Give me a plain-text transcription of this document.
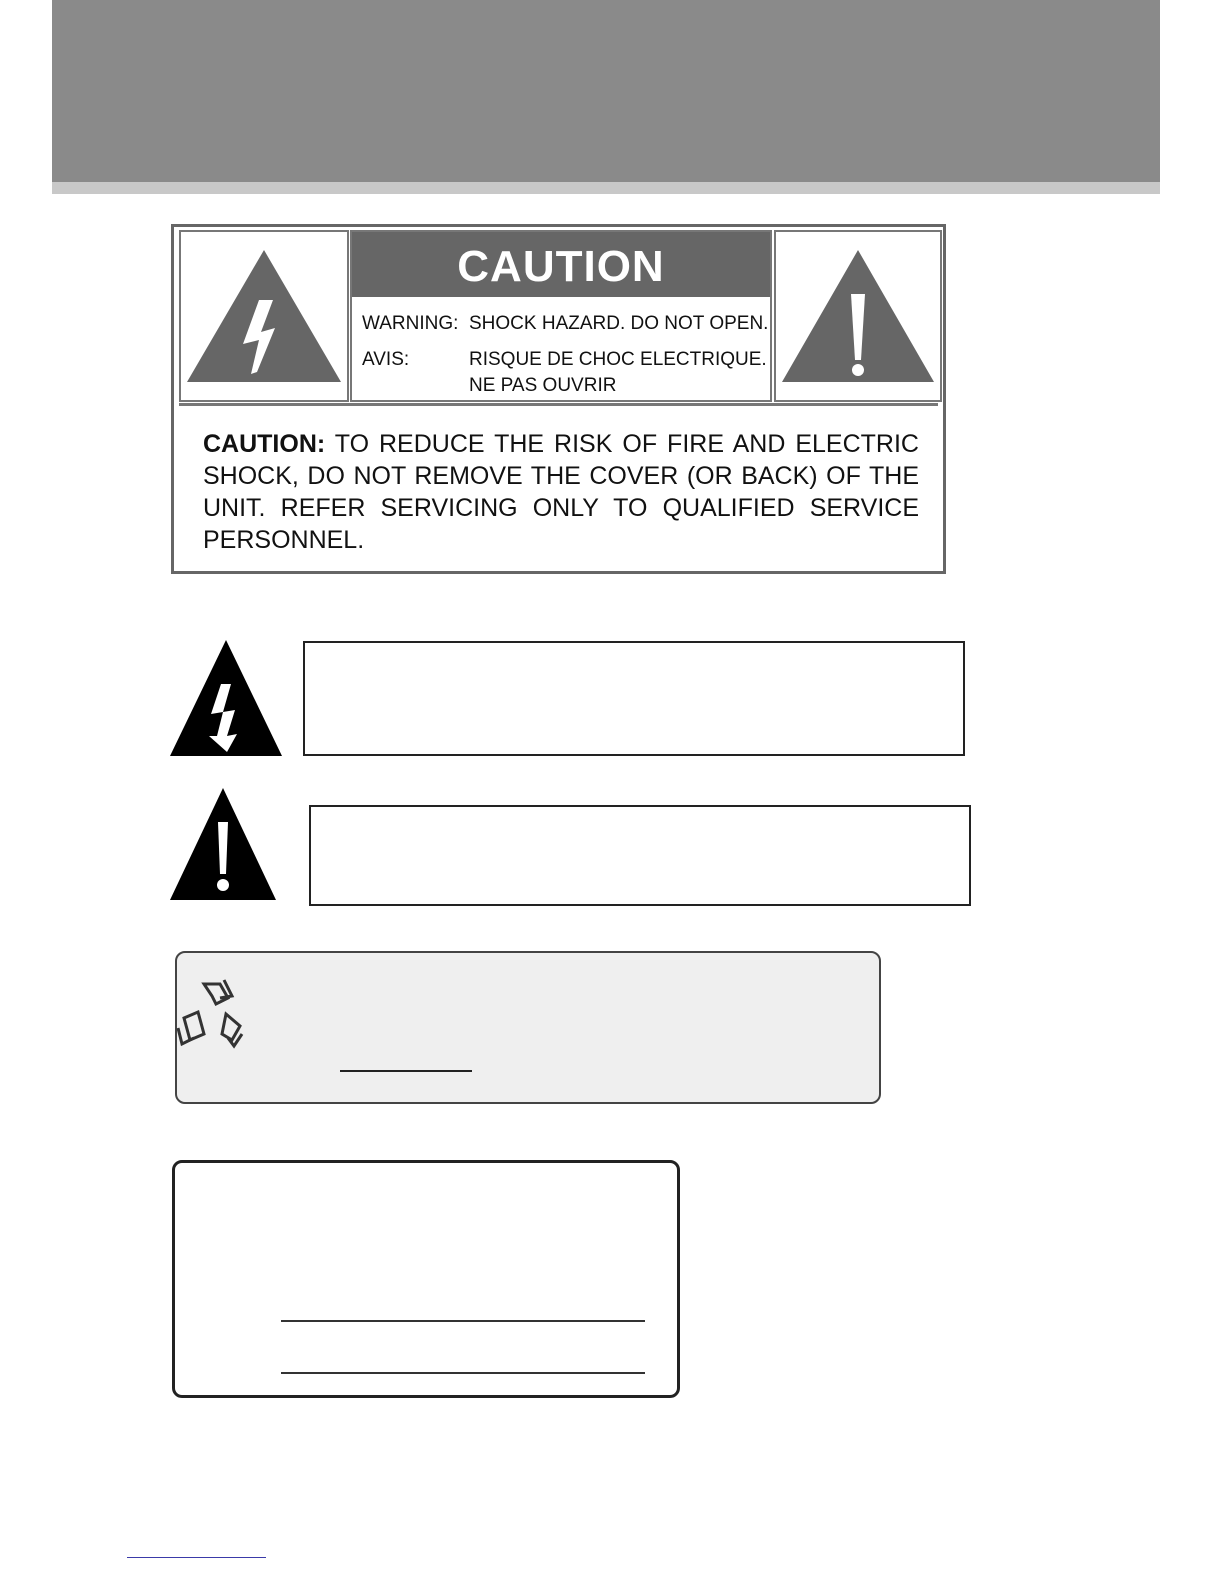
CAUTION
WARNING: SHOCK HAZARD. DO NOT OPEN.
AVIS:	RISQUE DE CHOC ELECTRIQUE.
NE PAS OUVRIR
CAUTION: TO REDUCE THE RISK OF FIRE AND ELECTRIC SHOCK, DO NOT REMOVE THE COVER (OR BACK) OF THE UNIT. REFER SERVICING ONLY TO QUALIFIED SERVICE PERSONNEL.
